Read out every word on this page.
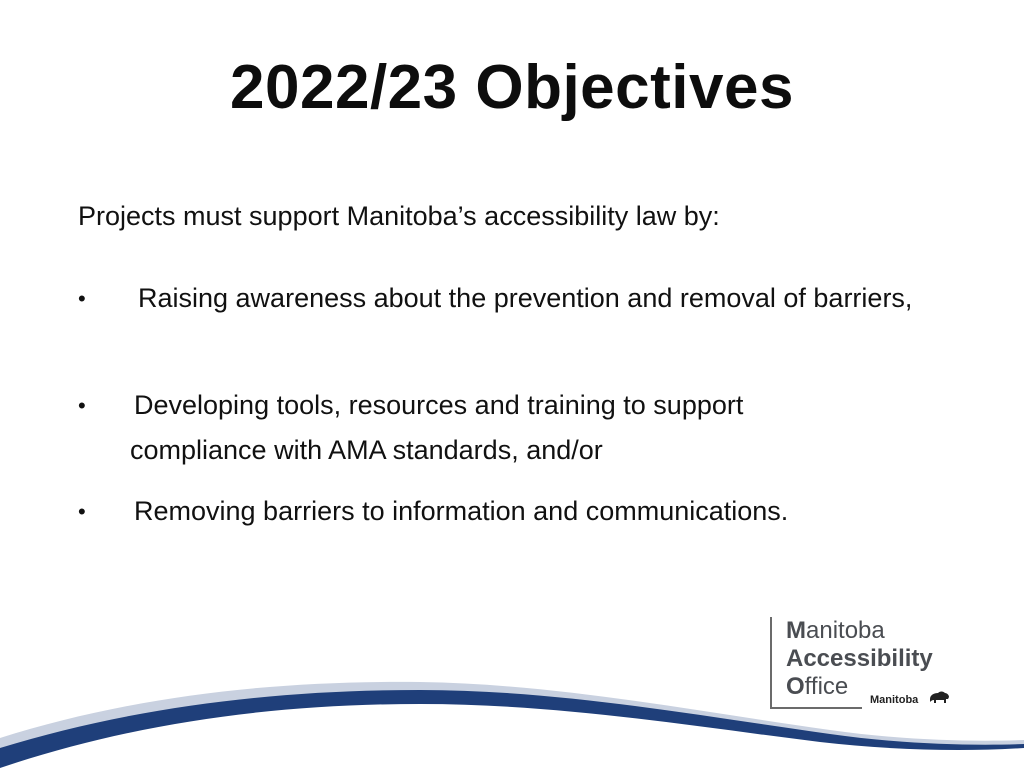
2022/23 Objectives
Projects must support Manitoba’s accessibility law by:
• Raising awareness about the prevention and removal of barriers,
• Developing tools, resources and training to support
compliance with AMA standards, and/or
• Removing barriers to information and communications.
Manitoba
Accessibility
Office Manitoba
